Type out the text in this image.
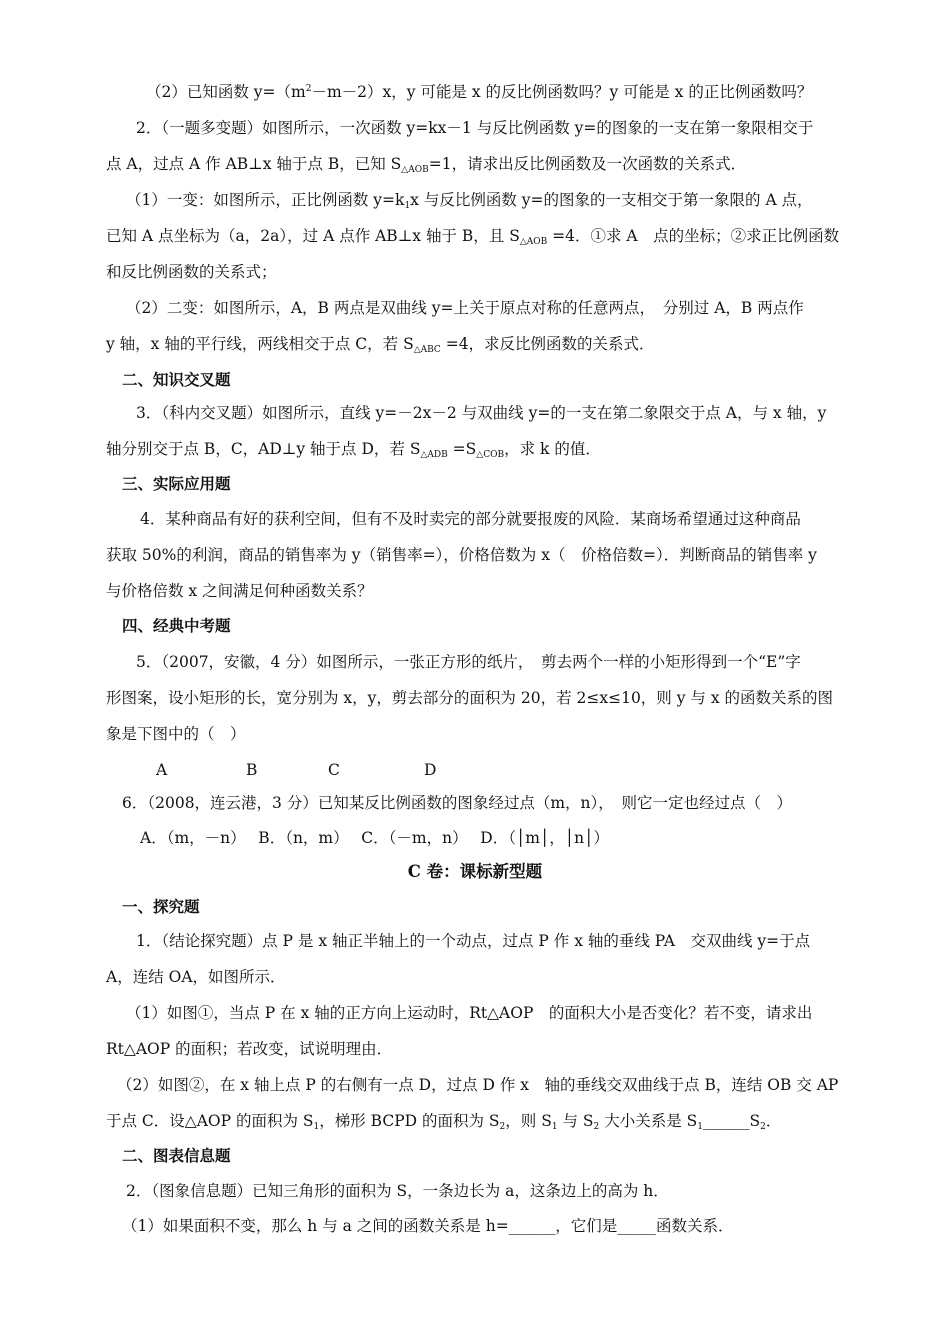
（2）已知函数 $y=(m^2-m-2)x$，y 可能是 x 的反比例函数吗？y 可能是 x 的正比例函数吗？
2．（一题多变题）如图所示，一次函数 y=kx－1 与反比例函数 y=的图象的一支在第一象限相交于
点 A，过点 A 作 AB⊥x 轴于点 B，已知 $S_{\triangle AOB}=1$，请求出反比例函数及一次函数的关系式．
（1）一变：如图所示，正比例函数 $y=k_1x$ 与反比例函数 y=的图象的一支相交于第一象限的 A 点，
已知 A 点坐标为（a，2a），过 A 点作 AB⊥x 轴于 B，且 $S_{\triangle AOB} =4$．①求 A　点的坐标；②求正比例函数
和反比例函数的关系式；
（2）二变：如图所示，A，B 两点是双曲线 y=上关于原点对称的任意两点，　分别过 A，B 两点作
y 轴，x 轴的平行线，两线相交于点 C，若 $S_{\triangle ABC} =4$，求反比例函数的关系式．
二、知识交叉题
3．（科内交叉题）如图所示，直线 y=－2x－2 与双曲线 y=的一支在第二象限交于点 A，与 x 轴，y
轴分别交于点 B，C，AD⊥y 轴于点 D，若 $S_{\triangle ADB} =S_{\triangle COB}$，求 k 的值．
三、实际应用题
4．某种商品有好的获利空间，但有不及时卖完的部分就要报废的风险．某商场希望通过这种商品
获取 50%的利润，商品的销售率为 y（销售率=），价格倍数为 x（　价格倍数=）．判断商品的销售率 y
与价格倍数 x 之间满足何种函数关系？
四、经典中考题
5．（2007，安徽，4 分）如图所示，一张正方形的纸片，　剪去两个一样的小矩形得到一个“E”字
形图案，设小矩形的长，宽分别为 x，y，剪去部分的面积为 20，若 2≤x≤10，则 y 与 x 的函数关系的图
象是下图中的（　）
A	B	C	D
6．（2008，连云港，3 分）已知某反比例函数的图象经过点（m，n），　则它一定也经过点（　）
A．（m，－n）　 B．（n，m）　 C．（－m，n）　 D．（│m│，│n│）
C 卷：课标新型题
一、探究题
1．（结论探究题）点 P 是 x 轴正半轴上的一个动点，过点 P 作 x 轴的垂线 PA　交双曲线 y=于点
A，连结 OA，如图所示．
（1）如图①，当点 P 在 x 轴的正方向上运动时，Rt△AOP　的面积大小是否变化？若不变，请求出
Rt△AOP 的面积；若改变，试说明理由．
（2）如图②，在 x 轴上点 P 的右侧有一点 D，过点 D 作 x　轴的垂线交双曲线于点 B，连结 OB 交 AP
于点 C．设△AOP 的面积为 $S_1$，梯形 BCPD 的面积为 $S_2$，则 $S_1$ 与 $S_2$ 大小关系是 $S_1\_\_\_\_\_\_S_2$．
二、图表信息题
2．（图象信息题）已知三角形的面积为 S，一条边长为 a，这条边上的高为 h．
（1）如果面积不变，那么 h 与 a 之间的函数关系是 h=______，它们是_____函数关系．
